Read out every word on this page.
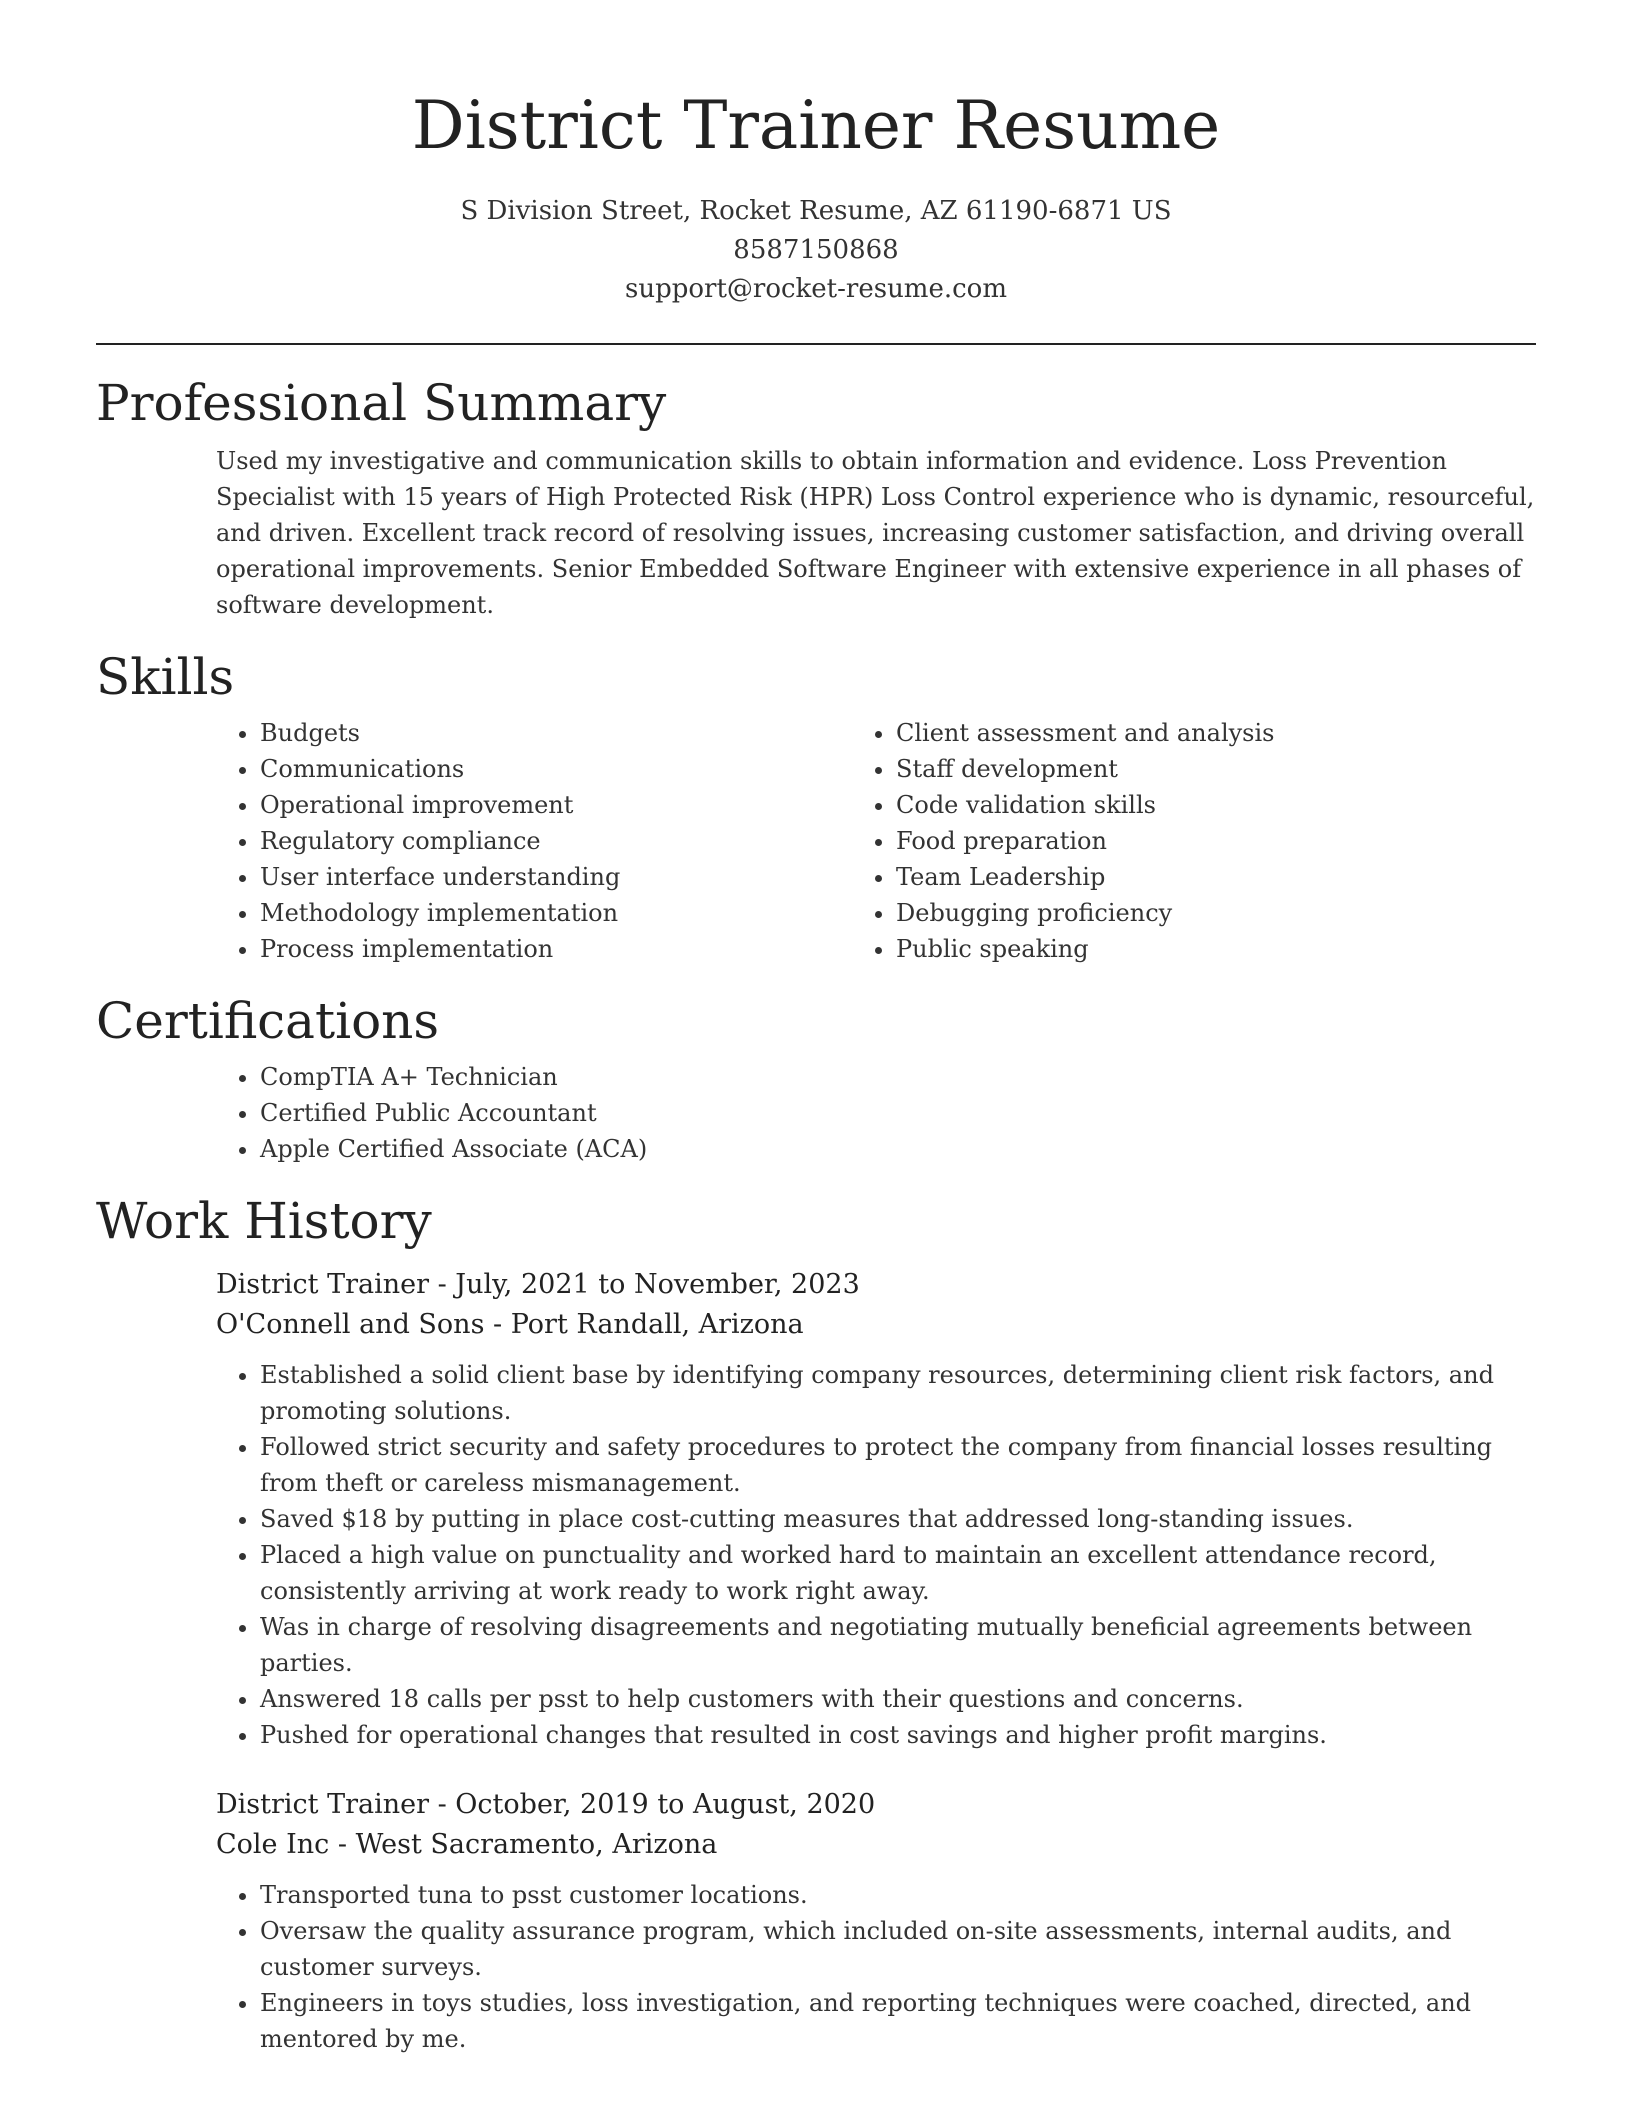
District Trainer Resume
S Division Street, Rocket Resume, AZ 61190-6871 US
8587150868
support@rocket-resume.com
Professional Summary

Used my investigative and communication skills to obtain information and evidence. Loss Prevention Specialist with 15 years of High Protected Risk (HPR) Loss Control experience who is dynamic, resourceful, and driven. Excellent track record of resolving issues, increasing customer satisfaction, and driving overall operational improvements. Senior Embedded Software Engineer with extensive experience in all phases of software development.

Skills
• Budgets
• Communications
• Operational improvement
• Regulatory compliance
• User interface understanding
• Methodology implementation
• Process implementation
• Client assessment and analysis
• Staff development
• Code validation skills
• Food preparation
• Team Leadership
• Debugging proficiency
• Public speaking
Certifications
• CompTIA A+ Technician
• Certified Public Accountant
• Apple Certified Associate (ACA)
Work History
District Trainer - July, 2021 to November, 2023
O'Connell and Sons - Port Randall, Arizona
• Established a solid client base by identifying company resources, determining client risk factors, and promoting solutions.
• Followed strict security and safety procedures to protect the company from financial losses resulting from theft or careless mismanagement.
• Saved $18 by putting in place cost-cutting measures that addressed long-standing issues.
• Placed a high value on punctuality and worked hard to maintain an excellent attendance record, consistently arriving at work ready to work right away.
• Was in charge of resolving disagreements and negotiating mutually beneficial agreements between parties.
• Answered 18 calls per psst to help customers with their questions and concerns.
• Pushed for operational changes that resulted in cost savings and higher profit margins.
District Trainer - October, 2019 to August, 2020
Cole Inc - West Sacramento, Arizona
• Transported tuna to psst customer locations.
• Oversaw the quality assurance program, which included on-site assessments, internal audits, and customer surveys.
• Engineers in toys studies, loss investigation, and reporting techniques were coached, directed, and mentored by me.
